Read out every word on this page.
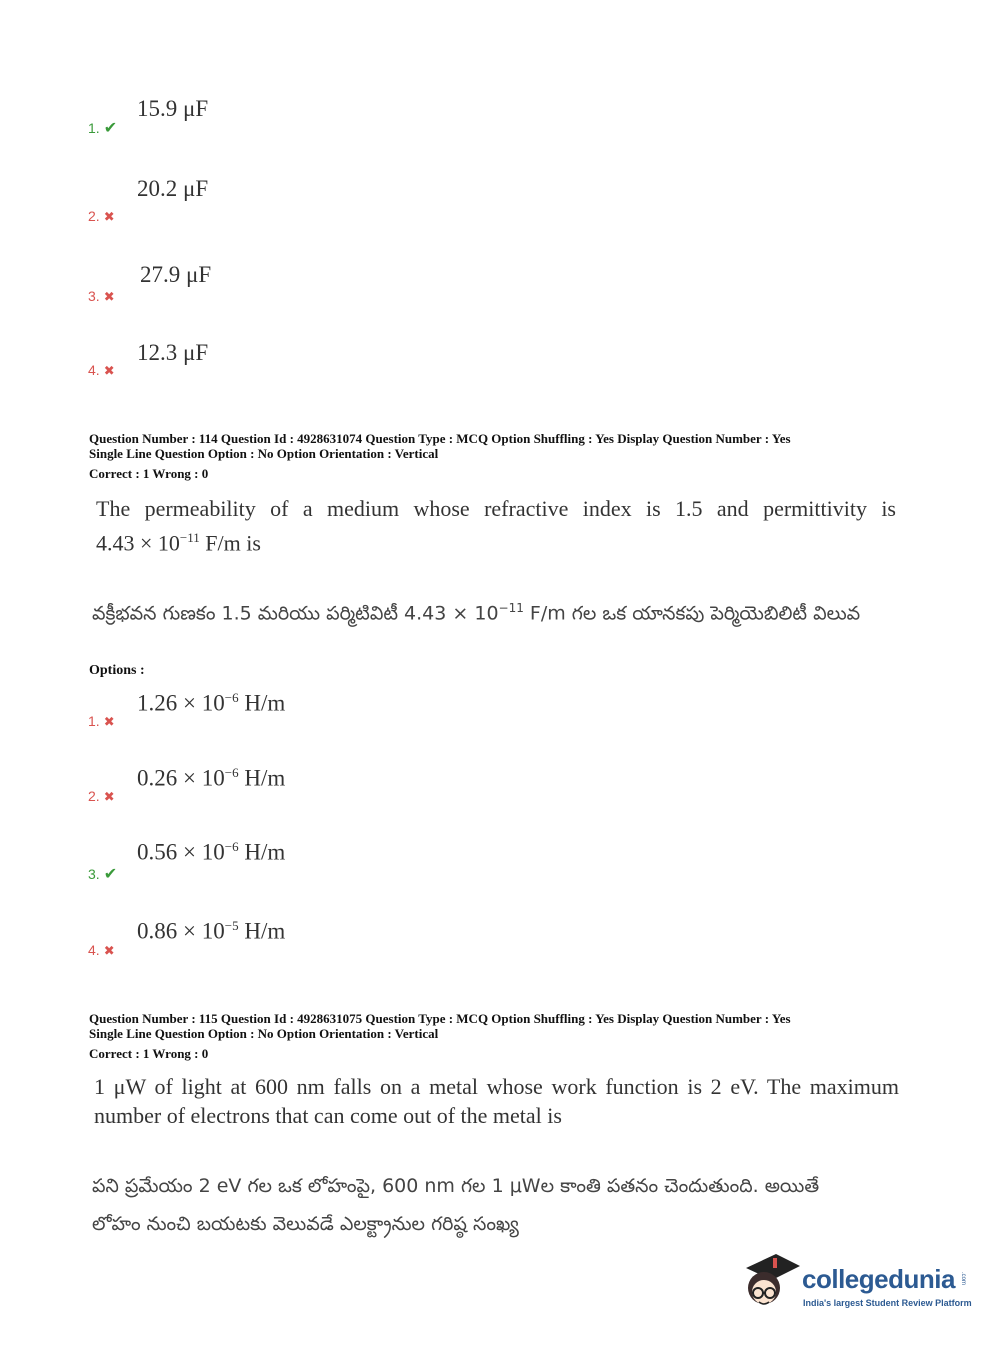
1. ✔
15.9 μF
2. ✖
20.2 μF
3. ✖
27.9 μF
4. ✖
12.3 μF
Question Number : 114 Question Id : 4928631074 Question Type : MCQ Option Shuffling : Yes Display Question Number : Yes
Single Line Question Option : No Option Orientation : Vertical
Correct : 1 Wrong : 0
The permeability of a medium whose refractive index is 1.5 and permittivity is
$4.43 \times 10^{-11}$ F/m is
వక్రీభవన గుణకం 1.5 మరియు పర్మిటివిటీ $4.43 \times 10^{-11}$ F/m గల ఒక యానకపు పెర్మియెబిలిటీ విలువ
Options :
1. ✖
$1.26 \times 10^{-6}$ H/m
2. ✖
$0.26 \times 10^{-6}$ H/m
3. ✔
$0.56 \times 10^{-6}$ H/m
4. ✖
$0.86 \times 10^{-5}$ H/m
Question Number : 115 Question Id : 4928631075 Question Type : MCQ Option Shuffling : Yes Display Question Number : Yes
Single Line Question Option : No Option Orientation : Vertical
Correct : 1 Wrong : 0
1 μW of light at 600 nm falls on a metal whose work function is 2 eV. The maximum
number of electrons that can come out of the metal is
పని ప్రమేయం 2 eV గల ఒక లోహంపై, 600 nm గల 1 μWల కాంతి పతనం చెందుతుంది. అయితే
లోహం నుంచి బయటకు వెలువడే ఎలక్ట్రానుల గరిష్ఠ సంఖ్య
collegedunia .com
India's largest Student Review Platform
